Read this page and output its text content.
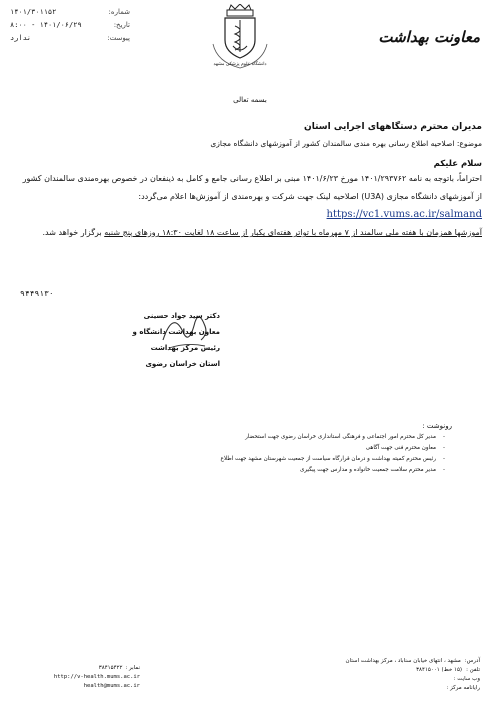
شماره:
۱۴۰۱/۳۰۱۱۵۲
تاریخ:
۱۴۰۱/۰۶/۲۹ - ۸:۰۰
پیوست:
ندارد
دانشگاه علوم پزشکی مشهد
معاونت بهداشت
بسمه تعالی
مدیران محترم دستگاههای اجرایی استان
موضوع: اصلاحیه اطلاع رسانی بهره مندی سالمندان کشور از آموزشهای دانشگاه مجازی
سلام علیکم

احتراماً، باتوجه به نامه ۱۴۰۱/۲۹۳۷۶۲ مورخ ۱۴۰۱/۶/۲۳ مبنی بر اطلاع رسانی جامع و کامل به ذینفعان در خصوص بهره‌مندی سالمندان کشور از آموزشهای دانشگاه مجازی (U3A) اصلاحیه لینک جهت شرکت و بهره‌مندی از آموزش‌ها اعلام می‌گردد: https://vc1.vums.ac.ir/salmand

آموزشها همزمان با هفته ملی سالمند از ۷ مهرماه با تواتر هفته‌ای یکبار از ساعت ۱۸ لغایت ۱۸:۳۰ روزهای پنج شنبه برگزار خواهد شد.

۹۴۴۹۱۳۰
دکتر سید جواد حسینی
معاون بهداشت دانشگاه و رئیس مرکز بهداشت
استان خراسان رضوی
رونوشت :
-
مدیر کل محترم امور اجتماعی و فرهنگی استانداری خراسان رضوی جهت استحضار
-
معاون محترم فنی جهت آگاهی
-
رئیس محترم کمیته بهداشت و درمان قرارگاه سیاست از جمعیت شهرستان مشهد جهت اطلاع
-
مدیر محترم سلامت جمعیت خانواده و مدارس جهت پیگیری
آدرس:
مشهد ، انتهای خیابان سناباد ، مرکز بهداشت استان
تلفن :
(۱۵ خط) ۳۸۴۱۵۰۰۱
وب سایت :
رایانامه مرکز :
نمابر :
۳۸۴۱۵۴۲۲
http://v-health.mums.ac.ir
health@mums.ac.ir
